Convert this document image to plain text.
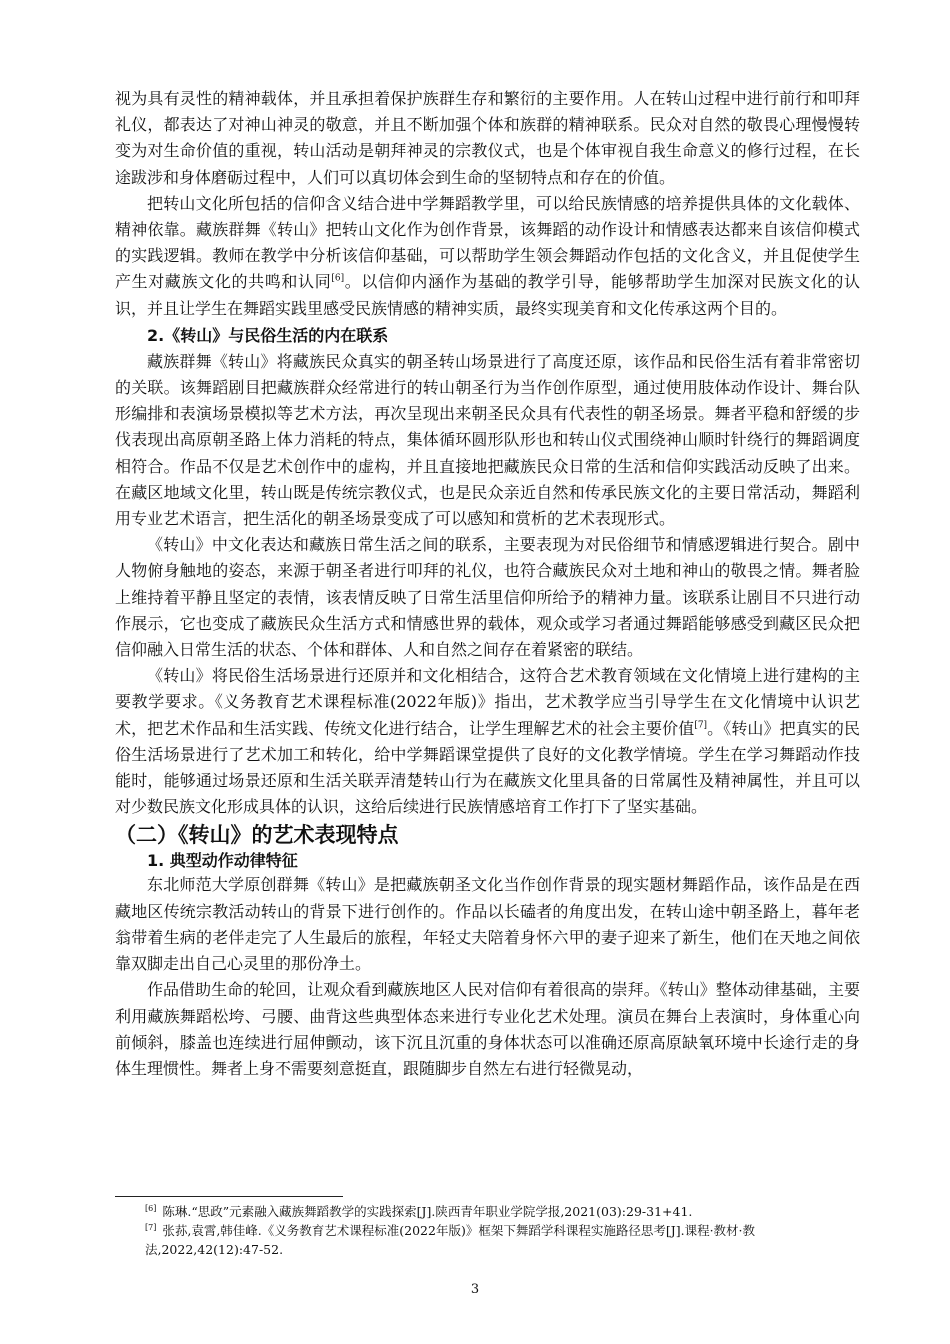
视为具有灵性的精神载体，并且承担着保护族群生存和繁衍的主要作用。人在转山过程中进行前行和叩拜礼仪，都表达了对神山神灵的敬意，并且不断加强个体和族群的精神联系。民众对自然的敬畏心理慢慢转变为对生命价值的重视，转山活动是朝拜神灵的宗教仪式，也是个体审视自我生命意义的修行过程，在长途跋涉和身体磨砺过程中，人们可以真切体会到生命的坚韧特点和存在的价值。

把转山文化所包括的信仰含义结合进中学舞蹈教学里，可以给民族情感的培养提供具体的文化载体、精神依靠。藏族群舞《转山》把转山文化作为创作背景，该舞蹈的动作设计和情感表达都来自该信仰模式的实践逻辑。教师在教学中分析该信仰基础，可以帮助学生领会舞蹈动作包括的文化含义，并且促使学生产生对藏族文化的共鸣和认同[6]。以信仰内涵作为基础的教学引导，能够帮助学生加深对民族文化的认识，并且让学生在舞蹈实践里感受民族情感的精神实质，最终实现美育和文化传承这两个目的。

2.《转山》与民俗生活的内在联系

藏族群舞《转山》将藏族民众真实的朝圣转山场景进行了高度还原，该作品和民俗生活有着非常密切的关联。该舞蹈剧目把藏族群众经常进行的转山朝圣行为当作创作原型，通过使用肢体动作设计、舞台队形编排和表演场景模拟等艺术方法，再次呈现出来朝圣民众具有代表性的朝圣场景。舞者平稳和舒缓的步伐表现出高原朝圣路上体力消耗的特点，集体循环圆形队形也和转山仪式围绕神山顺时针绕行的舞蹈调度相符合。作品不仅是艺术创作中的虚构，并且直接地把藏族民众日常的生活和信仰实践活动反映了出来。在藏区地域文化里，转山既是传统宗教仪式，也是民众亲近自然和传承民族文化的主要日常活动，舞蹈利用专业艺术语言，把生活化的朝圣场景变成了可以感知和赏析的艺术表现形式。

《转山》中文化表达和藏族日常生活之间的联系，主要表现为对民俗细节和情感逻辑进行契合。剧中人物俯身触地的姿态，来源于朝圣者进行叩拜的礼仪，也符合藏族民众对土地和神山的敬畏之情。舞者脸上维持着平静且坚定的表情，该表情反映了日常生活里信仰所给予的精神力量。该联系让剧目不只进行动作展示，它也变成了藏族民众生活方式和情感世界的载体，观众或学习者通过舞蹈能够感受到藏区民众把信仰融入日常生活的状态、个体和群体、人和自然之间存在着紧密的联结。

《转山》将民俗生活场景进行还原并和文化相结合，这符合艺术教育领域在文化情境上进行建构的主要教学要求。《义务教育艺术课程标准(2022年版)》指出，艺术教学应当引导学生在文化情境中认识艺术，把艺术作品和生活实践、传统文化进行结合，让学生理解艺术的社会主要价值[7]。《转山》把真实的民俗生活场景进行了艺术加工和转化，给中学舞蹈课堂提供了良好的文化教学情境。学生在学习舞蹈动作技能时，能够通过场景还原和生活关联弄清楚转山行为在藏族文化里具备的日常属性及精神属性，并且可以对少数民族文化形成具体的认识，这给后续进行民族情感培育工作打下了坚实基础。

（二）《转山》的艺术表现特点

1. 典型动作动律特征

东北师范大学原创群舞《转山》是把藏族朝圣文化当作创作背景的现实题材舞蹈作品，该作品是在西藏地区传统宗教活动转山的背景下进行创作的。作品以长磕者的角度出发，在转山途中朝圣路上，暮年老翁带着生病的老伴走完了人生最后的旅程，年轻丈夫陪着身怀六甲的妻子迎来了新生，他们在天地之间依靠双脚走出自己心灵里的那份净土。

作品借助生命的轮回，让观众看到藏族地区人民对信仰有着很高的崇拜。《转山》整体动律基础，主要利用藏族舞蹈松垮、弓腰、曲背这些典型体态来进行专业化艺术处理。演员在舞台上表演时，身体重心向前倾斜，膝盖也连续进行屈伸颤动，该下沉且沉重的身体状态可以准确还原高原缺氧环境中长途行走的身体生理惯性。舞者上身不需要刻意挺直，跟随脚步自然左右进行轻微晃动，

[6] 陈琳.“思政”元素融入藏族舞蹈教学的实践探索[J].陕西青年职业学院学报,2021(03):29-31+41.

[7] 张荪,袁霄,韩佳峰.《义务教育艺术课程标准(2022年版)》框架下舞蹈学科课程实施路径思考[J].课程·教材·教法,2022,42(12):47-52.

3
